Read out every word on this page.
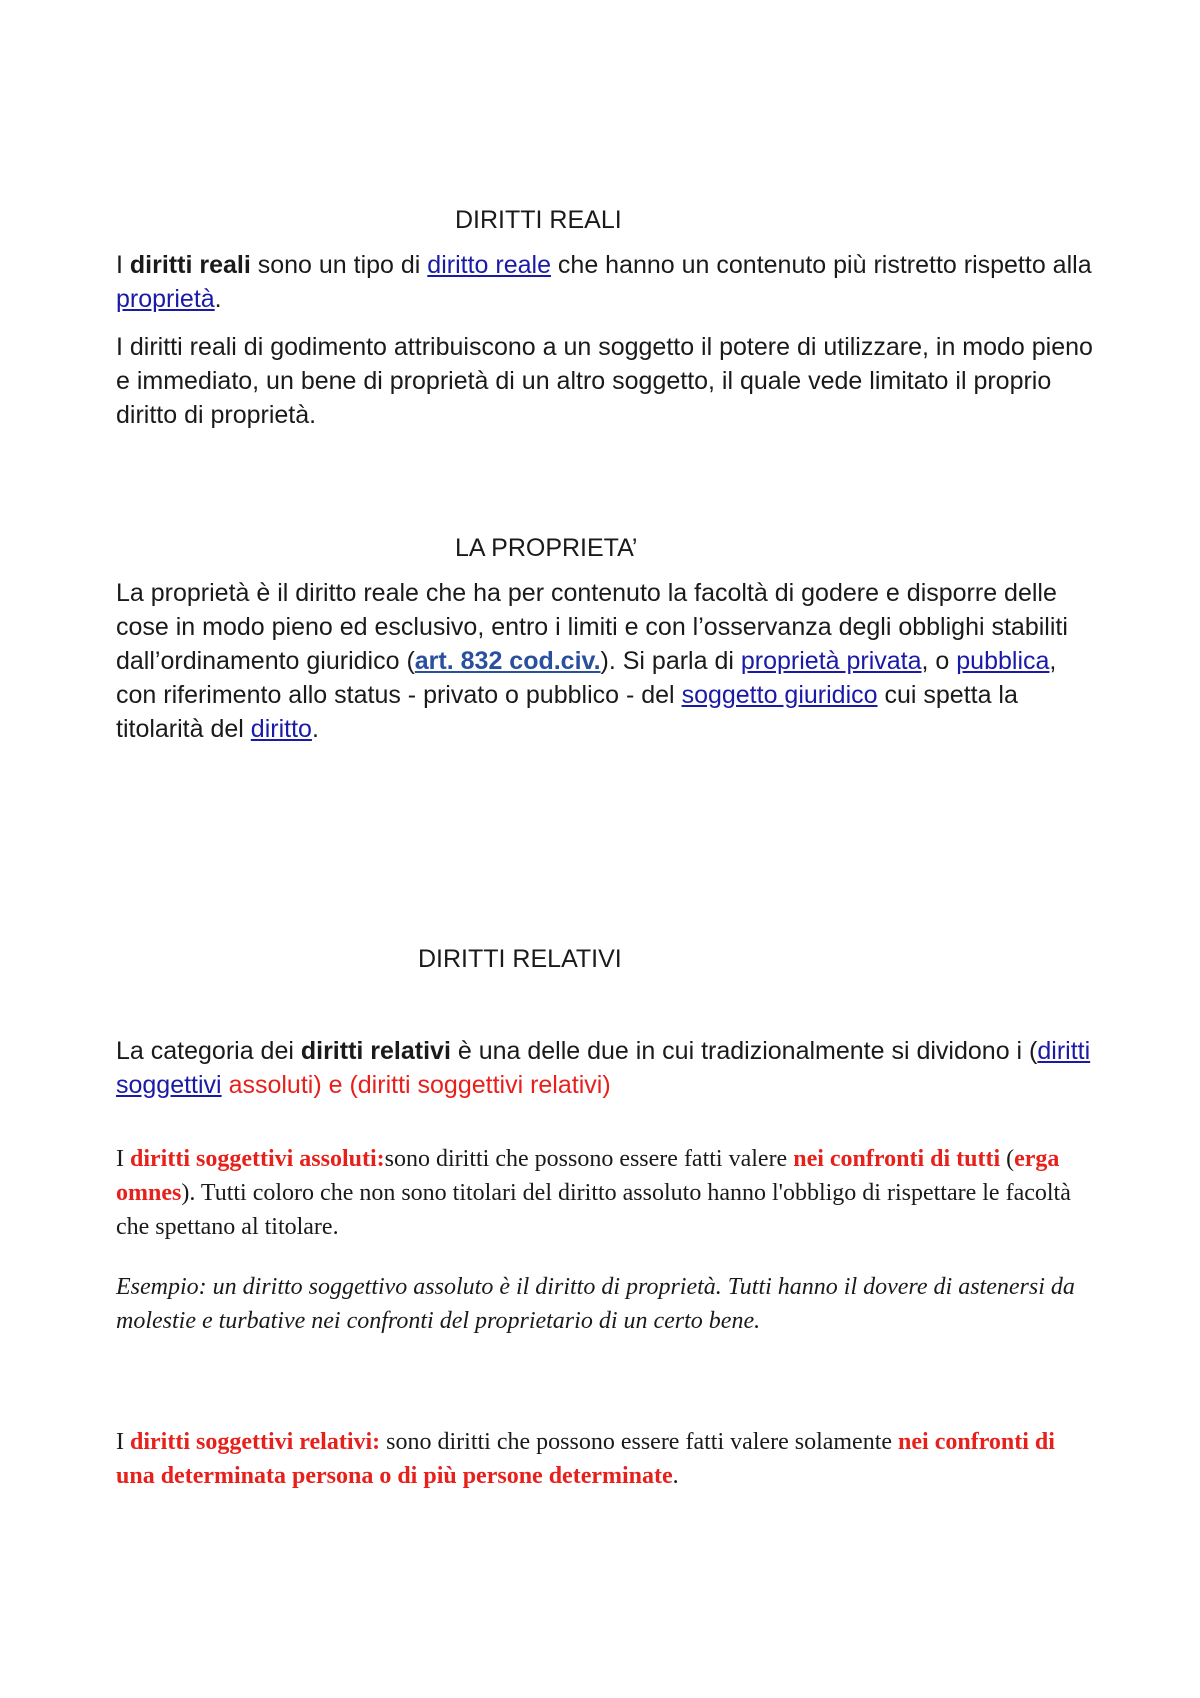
DIRITTI REALI

I diritti reali sono un tipo di diritto reale che hanno un contenuto più ristretto rispetto alla proprietà.

I diritti reali di godimento attribuiscono a un soggetto il potere di utilizzare, in modo pieno e immediato, un bene di proprietà di un altro soggetto, il quale vede limitato il proprio diritto di proprietà.

LA PROPRIETA’

La proprietà è il diritto reale che ha per contenuto la facoltà di godere e disporre delle cose in modo pieno ed esclusivo, entro i limiti e con l’osservanza degli obblighi stabiliti dall’ordinamento giuridico (art. 832 cod.civ.). Si parla di proprietà privata, o pubblica, con riferimento allo status - privato o pubblico - del soggetto giuridico cui spetta la titolarità del diritto.

DIRITTI RELATIVI

La categoria dei diritti relativi è una delle due in cui tradizionalmente si dividono i (diritti soggettivi assoluti) e (diritti soggettivi relativi)

I diritti soggettivi assoluti:sono diritti che possono essere fatti valere nei confronti di tutti (erga omnes). Tutti coloro che non sono titolari del diritto assoluto hanno l'obbligo di rispettare le facoltà che spettano al titolare.

Esempio: un diritto soggettivo assoluto è il diritto di proprietà. Tutti hanno il dovere di astenersi da molestie e turbative nei confronti del proprietario di un certo bene.

I diritti soggettivi relativi: sono diritti che possono essere fatti valere solamente nei confronti di una determinata persona o di più persone determinate.
